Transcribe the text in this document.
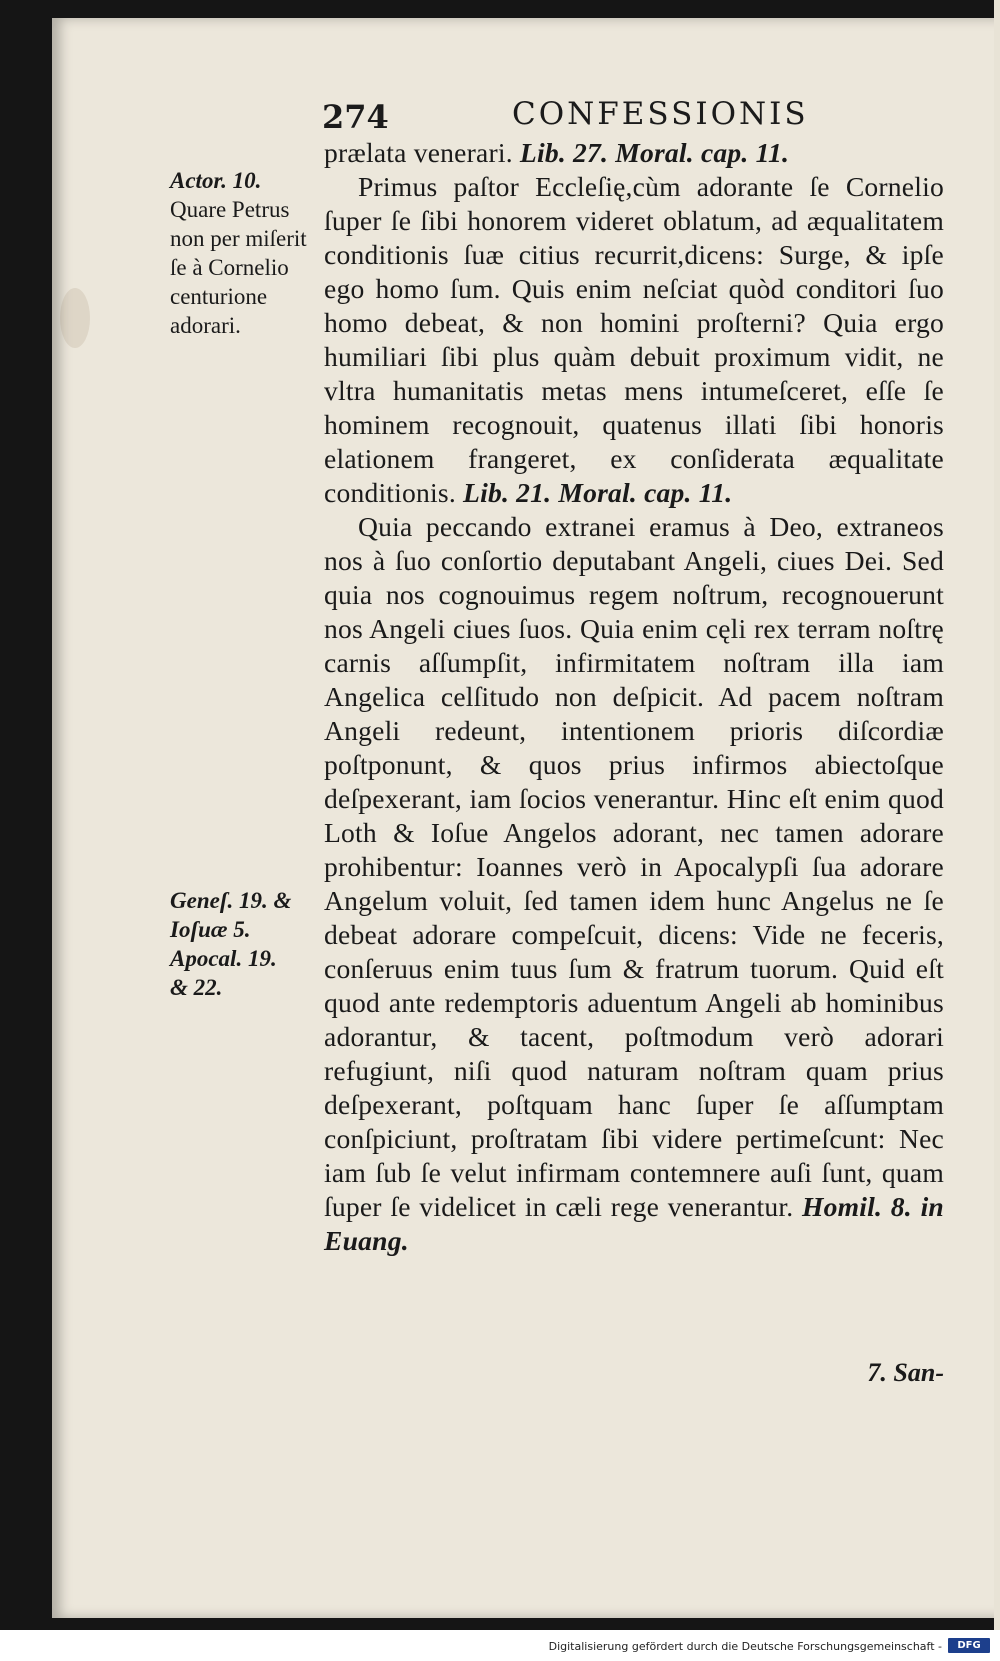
274	CONFESSIONIS
Actor. 10.
Quare Petrus non per miſerit ſe à Cornelio centurione adorari.
Geneſ. 19. &
Ioſuæ 5.
Apocal. 19.
& 22.

prælata venerari. Lib. 27. Moral. cap. 11.

Primus paſtor Eccleſię,cùm adorante ſe Cornelio ſuper ſe ſibi honorem videret oblatum, ad æqualitatem conditionis ſuæ citius recurrit,dicens: Surge, & ipſe ego homo ſum. Quis enim neſciat quòd conditori ſuo homo debeat, & non homini proſterni? Quia ergo humiliari ſibi plus quàm debuit proximum vidit, ne vltra humanitatis metas mens intumeſceret, eſſe ſe hominem recognouit, quatenus illati ſibi honoris elationem frangeret, ex conſiderata æqualitate conditionis. Lib. 21. Moral. cap. 11.

Quia peccando extranei eramus à Deo, extraneos nos à ſuo conſortio deputabant Angeli, ciues Dei. Sed quia nos cognouimus regem noſtrum, recognouerunt nos Angeli ciues ſuos. Quia enim cęli rex terram noſtrę carnis aſſumpſit, infirmitatem noſtram illa iam Angelica celſitudo non deſpicit. Ad pacem noſtram Angeli redeunt, intentionem prioris diſcordiæ poſtponunt, & quos prius infirmos abiectoſque deſpexerant, iam ſocios venerantur. Hinc eſt enim quod Loth & Ioſue Angelos adorant, nec tamen adorare prohibentur: Ioannes verò in Apocalypſi ſua adorare Angelum voluit, ſed tamen idem hunc Angelus ne ſe debeat adorare compeſcuit, dicens: Vide ne feceris, conſeruus enim tuus ſum & fratrum tuorum. Quid eſt quod ante redemptoris aduentum Angeli ab hominibus adorantur, & tacent, poſtmodum verò adorari refugiunt, niſi quod naturam noſtram quam prius deſpexerant, poſtquam hanc ſuper ſe aſſumptam conſpiciunt, proſtratam ſibi videre pertimeſcunt: Nec iam ſub ſe velut infirmam contemnere auſi ſunt, quam ſuper ſe videlicet in cæli rege venerantur. Homil. 8. in Euang.

7. San-
Digitalisierung gefördert durch die Deutsche Forschungsgemeinschaft -	DFG
